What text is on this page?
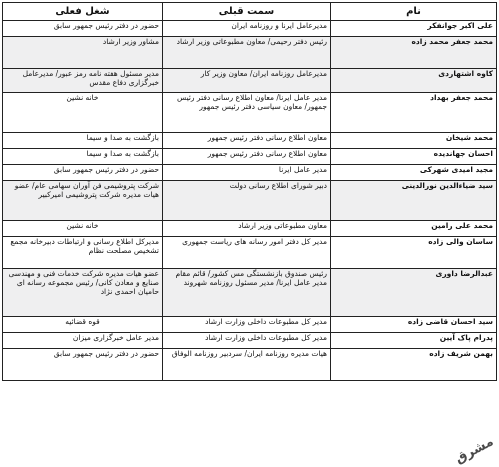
نام	سمت قبلی	شغل فعلی
علی اکبر جوانفکر	مدیرعامل ایرنا و روزنامه ایران	حضور در دفتر رئیس جمهور سابق
محمد جعفر محمد زاده	رئیس دفتر رحیمی/ معاون مطبوعاتی وزیر ارشاد	مشاور وزیر ارشاد
کاوه اشتهاردی	مدیرعامل روزنامه ایران/ معاون وزیر کار	مدیر مسئول هفته نامه رمز عبور/ مدیرعامل خبرگزاری دفاع مقدس
محمد جعفر بهداد	مدیر عامل ایرنا/ معاون اطلاع رسانی دفتر رئیس جمهور/ معاون سیاسی دفتر رئیس جمهور	خانه نشین
محمد شیخان	معاون اطلاع رسانی دفتر رئیس جمهور	بازگشت به صدا و سیما
احسان جهاندیده	معاون اطلاع رسانی دفتر رئیس جمهور	بازگشت به صدا و سیما
مجید امیدی شهرکی	مدیر عامل ایرنا	حضور در دفتر رئیس جمهور سابق
سید ضیاءالدین نورالدینی	دبیر شورای اطلاع رسانی دولت	شرکت پتروشیمی فن آوران سهامی عام/ عضو هیات مدیره شرکت پتروشیمی امیرکبیر
محمد علی رامین	معاون مطبوعاتی وزیر ارشاد	خانه نشین
ساسان والی زاده	مدیر کل دفتر امور رسانه های ریاست جمهوری	مدیرکل اطلاع رسانی و ارتباطات دبیرخانه مجمع تشخیص مصلحت نظام
عبدالرضا داوری	رئیس صندوق بازنشستگی مس کشور/ قائم مقام مدیر عامل ایرنا/ مدیر مسئول روزنامه شهروند	عضو هیات مدیره شرکت خدمات فنی و مهندسی صنایع و معادن کانی/ رئیس مجموعه رسانه ای حامیان احمدی نژاد
سید احسان قاضی زاده	مدیر کل مطبوعات داخلی وزارت ارشاد	قوه قضائیه
پدرام پاک آیین	مدیر کل مطبوعات داخلی وزارت ارشاد	مدیر عامل خبرگزاری میزان
بهمن شریف زاده	هیات مدیره روزنامه ایران/ سردبیر روزنامه الوفاق	حضور در دفتر رئیس جمهور سابق
مشرق
